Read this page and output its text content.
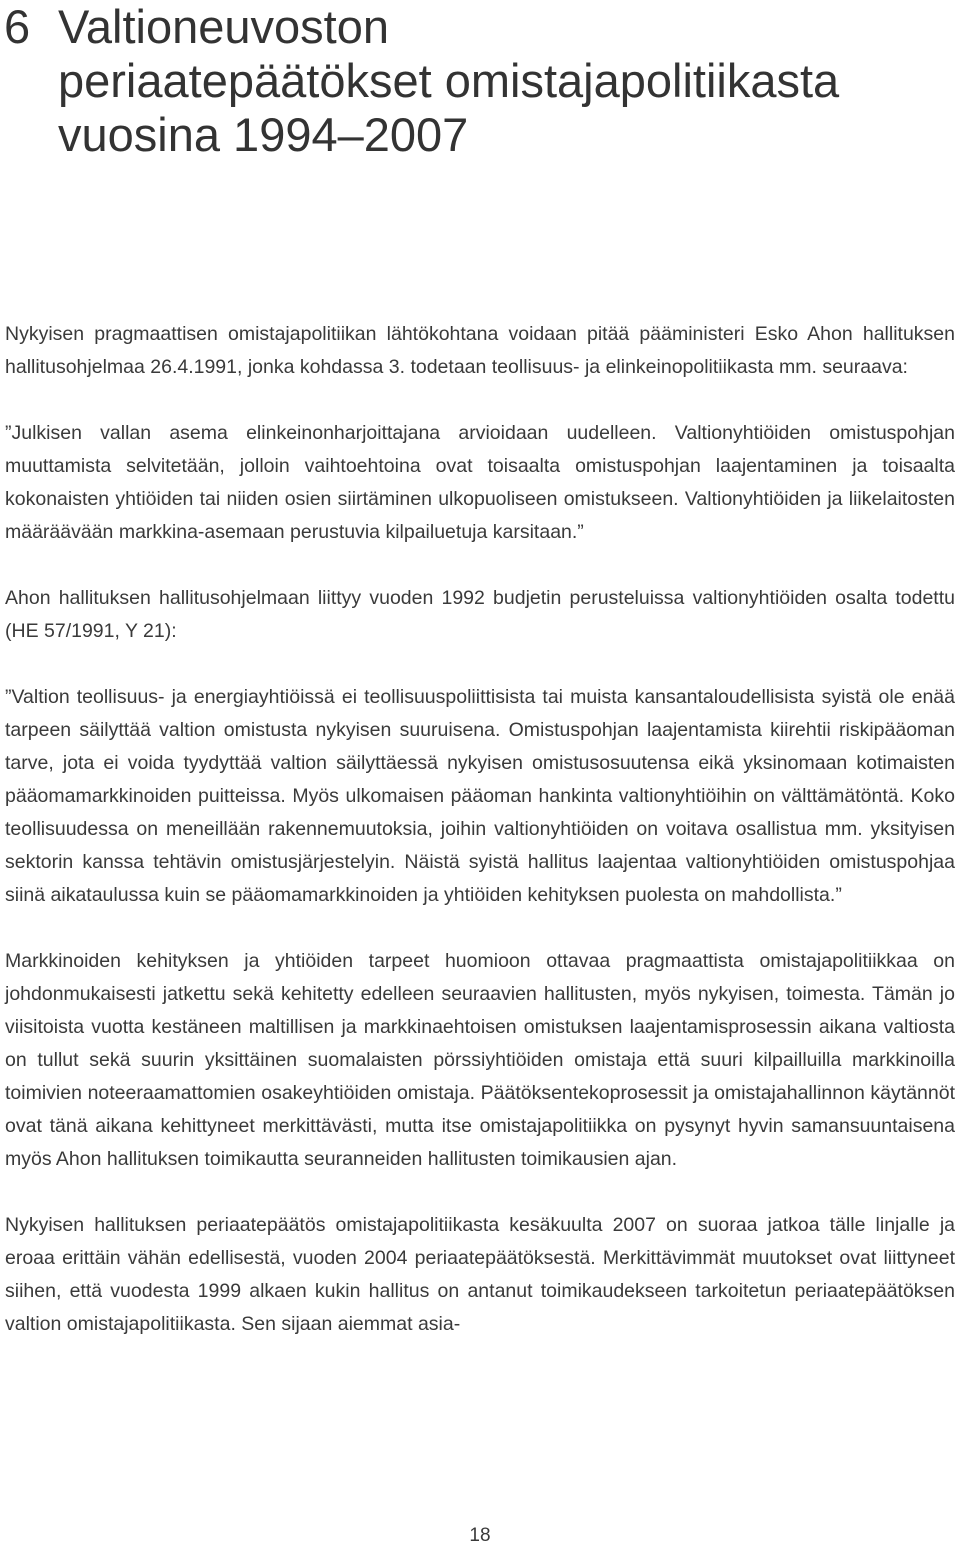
6 Valtioneuvoston
periaatepäätökset omistajapolitiikasta
vuosina 1994–2007

Nykyisen pragmaattisen omistajapolitiikan lähtökohtana voidaan pitää pääministeri Esko Ahon hallituksen hallitusohjelmaa 26.4.1991, jonka kohdassa 3. todetaan teollisuus- ja elinkeinopolitiikasta mm. seuraava:

”Julkisen vallan asema elinkeinonharjoittajana arvioidaan uudelleen. Valtionyhtiöiden omistuspohjan muuttamista selvitetään, jolloin vaihtoehtoina ovat toisaalta omistuspohjan laajentaminen ja toisaalta kokonaisten yhtiöiden tai niiden osien siirtäminen ulkopuoliseen omistukseen. Valtionyhtiöiden ja liikelaitosten määräävään markkina-asemaan perustuvia kilpailuetuja karsitaan.”

Ahon hallituksen hallitusohjelmaan liittyy vuoden 1992 budjetin perusteluissa valtionyhtiöiden osalta todettu (HE 57/1991, Y 21):

”Valtion teollisuus- ja energiayhtiöissä ei teollisuuspoliittisista tai muista kansantaloudellisista syistä ole enää tarpeen säilyttää valtion omistusta nykyisen suuruisena. Omistuspohjan laajentamista kiirehtii riskipääoman tarve, jota ei voida tyydyttää valtion säilyttäessä nykyisen omistusosuutensa eikä yksinomaan kotimaisten pääomamarkkinoiden puitteissa. Myös ulkomaisen pääoman hankinta valtionyhtiöihin on välttämätöntä. Koko teollisuudessa on meneillään rakennemuutoksia, joihin valtionyhtiöiden on voitava osallistua mm. yksityisen sektorin kanssa tehtävin omistusjärjestelyin. Näistä syistä hallitus laajentaa valtionyhtiöiden omistuspohjaa siinä aikataulussa kuin se pääomamarkkinoiden ja yhtiöiden kehityksen puolesta on mahdollista.”

Markkinoiden kehityksen ja yhtiöiden tarpeet huomioon ottavaa pragmaattista omistajapolitiikkaa on johdonmukaisesti jatkettu sekä kehitetty edelleen seuraavien hallitusten, myös nykyisen, toimesta. Tämän jo viisitoista vuotta kestäneen maltillisen ja markkinaehtoisen omistuksen laajentamisprosessin aikana valtiosta on tullut sekä suurin yksittäinen suomalaisten pörssiyhtiöiden omistaja että suuri kilpailluilla markkinoilla toimivien noteeraamattomien osakeyhtiöiden omistaja. Päätöksentekoprosessit ja omistajahallinnon käytännöt ovat tänä aikana kehittyneet merkittävästi, mutta itse omistajapolitiikka on pysynyt hyvin samansuuntaisena myös Ahon hallituksen toimikautta seuranneiden hallitusten toimikausien ajan.

Nykyisen hallituksen periaatepäätös omistajapolitiikasta kesäkuulta 2007 on suoraa jatkoa tälle linjalle ja eroaa erittäin vähän edellisestä, vuoden 2004 periaatepäätöksestä. Merkittävimmät muutokset ovat liittyneet siihen, että vuodesta 1999 alkaen kukin hallitus on antanut toimikaudekseen tarkoitetun periaatepäätöksen valtion omistajapolitiikasta. Sen sijaan aiemmat asia-

18
